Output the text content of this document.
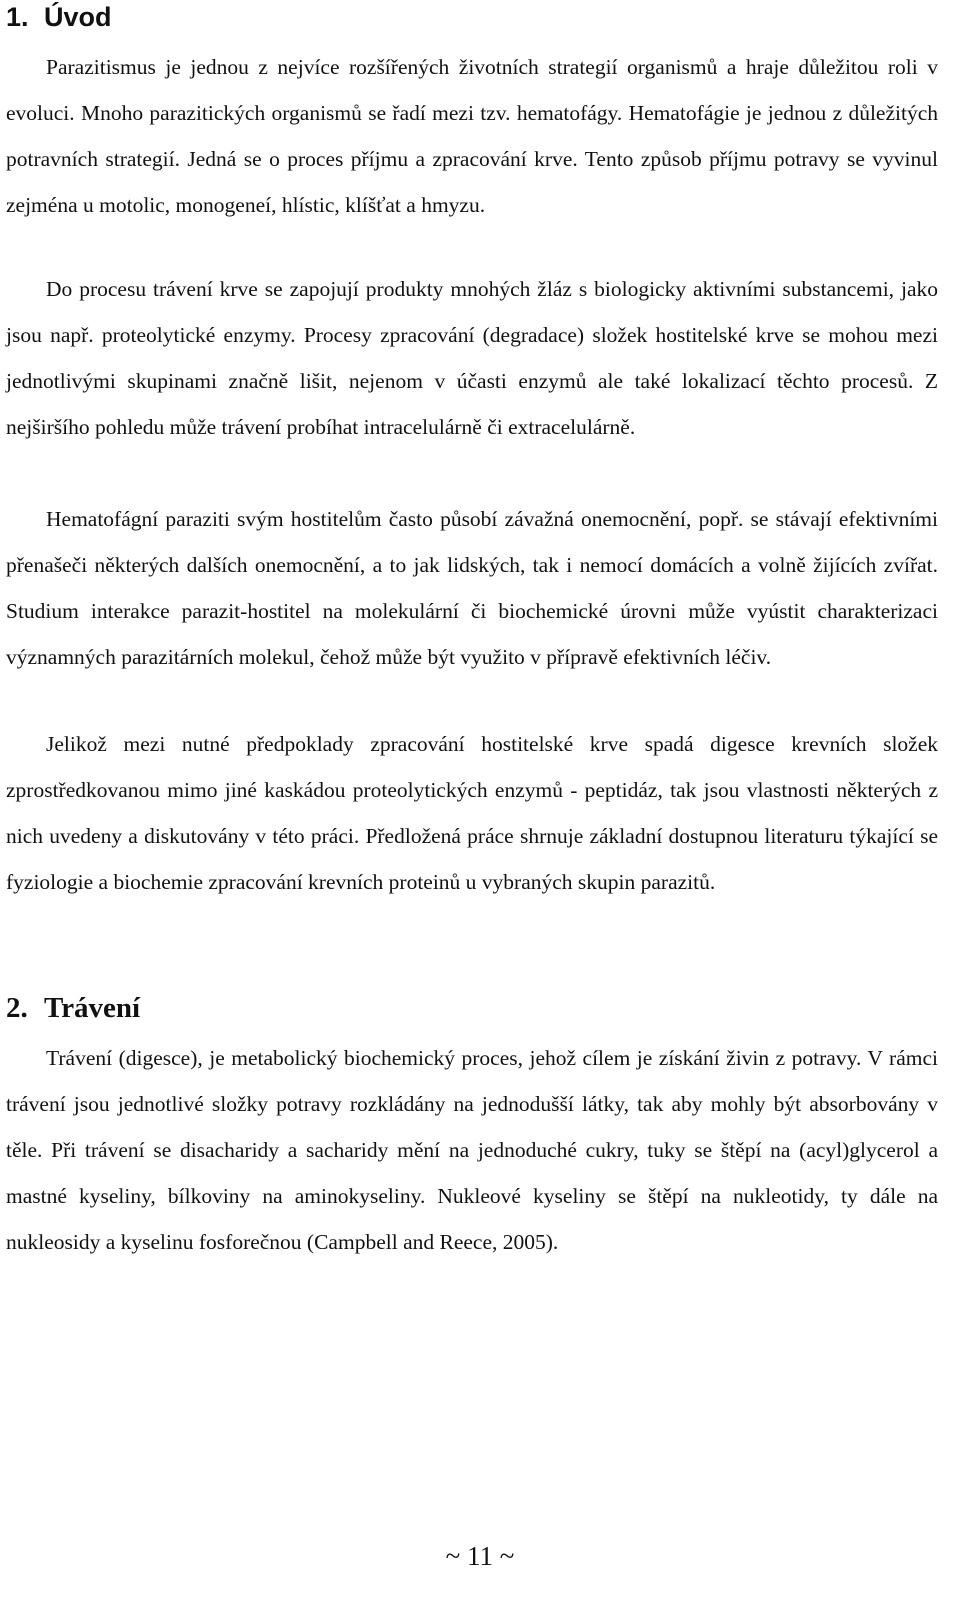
1. Úvod

Parazitismus je jednou z nejvíce rozšířených životních strategií organismů a hraje důležitou roli v evoluci. Mnoho parazitických organismů se řadí mezi tzv. hematofágy. Hematofágie je jednou z důležitých potravních strategií. Jedná se o proces příjmu a zpracování krve. Tento způsob příjmu potravy se vyvinul zejména u motolic, monogeneí, hlístic, klíšťat a hmyzu.

Do procesu trávení krve se zapojují produkty mnohých žláz s biologicky aktivními substancemi, jako jsou např. proteolytické enzymy. Procesy zpracování (degradace) složek hostitelské krve se mohou mezi jednotlivými skupinami značně lišit, nejenom v účasti enzymů ale také lokalizací těchto procesů. Z nejširšího pohledu může trávení probíhat intracelulárně či extracelulárně.

Hematofágní paraziti svým hostitelům často působí závažná onemocnění, popř. se stávají efektivními přenašeči některých dalších onemocnění, a to jak lidských, tak i nemocí domácích a volně žijících zvířat. Studium interakce parazit-hostitel na molekulární či biochemické úrovni může vyústit charakterizaci významných parazitárních molekul, čehož může být využito v přípravě efektivních léčiv.

Jelikož mezi nutné předpoklady zpracování hostitelské krve spadá digesce krevních složek zprostředkovanou mimo jiné kaskádou proteolytických enzymů - peptidáz, tak jsou vlastnosti některých z nich uvedeny a diskutovány v této práci. Předložená práce shrnuje základní dostupnou literaturu týkající se fyziologie a biochemie zpracování krevních proteinů u vybraných skupin parazitů.

2. Trávení

Trávení (digesce), je metabolický biochemický proces, jehož cílem je získání živin z potravy. V rámci trávení jsou jednotlivé složky potravy rozkládány na jednodušší látky, tak aby mohly být absorbovány v těle. Při trávení se disacharidy a sacharidy mění na jednoduché cukry, tuky se štěpí na (acyl)glycerol a mastné kyseliny, bílkoviny na aminokyseliny. Nukleové kyseliny se štěpí na nukleotidy, ty dále na nukleosidy a kyselinu fosforečnou (Campbell and Reece, 2005).

~ 11 ~
